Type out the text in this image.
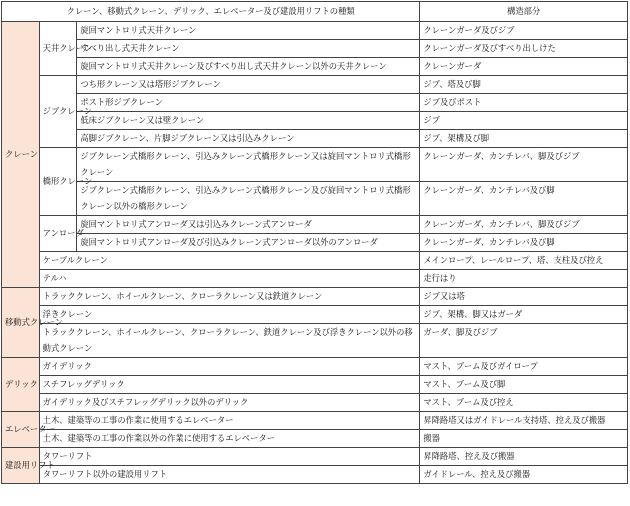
クレーン、移動式クレーン、デリック、エレベーター及び建設用リフトの種類			構造部分
クレーン	天井クレーン	旋回マントロリ式天井クレーン	クレーンガーダ及びジブ
		すべり出し式天井クレーン	クレーンガーダ及びすべり出しけた
		旋回マントロリ式天井クレーン及びすべり出し式天井クレーン以外の天井クレーン	クレーンガーダ
	ジブクレーン	つち形クレーン又は塔形ジブクレーン	ジブ、塔及び脚
		ポスト形ジブクレーン	ジブ及びポスト
		低床ジブクレーン又は壁クレーン	ジブ
		高脚ジブクレーン、片脚ジブクレーン又は引込みクレーン	ジブ、架構及び脚
	橋形クレーン	ジブクレーン式橋形クレーン、引込みクレーン式橋形クレーン又は旋回マントロリ式橋形クレーン	クレーンガーダ、カンチレバ、脚及びジブ
		ジブクレーン式橋形クレーン、引込みクレーン式橋形クレーン及び旋回マントロリ式橋形クレーン以外の橋形クレーン	クレーンガーダ、カンチレバ及び脚
	アンローダ	旋回マントロリ式アンローダ又は引込みクレーン式アンローダ	クレーンガーダ、カンチレバ、脚及びジブ
		旋回マントロリ式アンローダ及び引込みクレーン式アンローダ以外のアンローダ	クレーンガーダ、カンチレバ及び脚
	ケーブルクレーン		メインロープ、レールロープ、塔、支柱及び控え
	テルハ		走行はり
移動式クレーン	トラッククレーン、ホイールクレーン、クローラクレーン又は鉄道クレーン		ジブ又は塔
	浮きクレーン		ジブ、架構、脚又はガーダ
	トラッククレーン、ホイールクレーン、クローラクレーン、鉄道クレーン及び浮きクレーン以外の移動式クレーン		ガーダ、脚及びジブ
デリック	ガイデリック		マスト、ブーム及びガイロープ
	スチフレッグデリック		マスト、ブーム及び脚
	ガイデリック及びスチフレッグデリック以外のデリック		マスト、ブーム及び控え
エレベーター	土木、建築等の工事の作業に使用するエレベーター		昇降路塔又はガイドレール支持塔、控え及び搬器
	土木、建築等の工事の作業以外の作業に使用するエレベーター		搬器
建設用リフト	タワーリフト		昇降路塔、控え及び搬器
	タワーリフト以外の建設用リフト		ガイドレール、控え及び搬器
